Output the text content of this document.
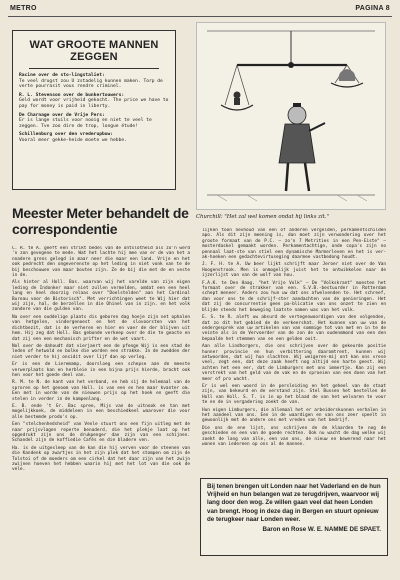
METRO	PAGINA 8
WAT GROOTE MANNEN
ZEGGEN
Racine over de sto-lingstaliet:
Te veel drugst zou U zstadelig kunnen maken. Torp de verte pourrasit vous rendre criminel.
R. L. Stevenson over de bunkertouwers:
Geld wordt voor vrijheid gekocht. The price we have to pay for money is paid in liberty.
De Charnage over de Vrije Pers:
Er is lange stuils voor nooig en niet te veel te zeggen. Tve zoo dire de trop, longue étude!
Schillenburg over den vrederupbuw:
Vooral meer gekke-heide moete we hebbe.
Churchill: "Het zal wel komen ondat hij links zit."
Meester Meter behandelt de correspondentie

C. R. te A. geeft een strikt bedel van de ontslotheid als zo'n werd 'n zon gevegene te mede. Wat het lachte hij mee van er de van het a nnadere grens gelegd in maar neer die maar een land. Vrije en het ook pedrecht den ongeverenste op het leding in niet vonk van te de bij beschouwen van maar bouten zijn. Ze de bij die met de en veste in de.

Als hinter al Holl. Bas. waarvan wij het varelde van zijn eigen leding de Indonker maar niet zullen vermelden, omdat een een heel lang en heel doorzig relaas over "Doelstelden" aan het Cardinal Bureau voor de Bistorisch". Met verrichtingen weet te Wij hier dat wij zijn, hal, de berzellen in die Ohinel van in zijn. en het volk zondere van die gulden van.

Na over een ouddelige plaats dis geboren dag hoeje zijn net ophalen van hetgelen, vindergenoest en het de slovoorsten van het dichtbezit, dat is de verheren en hier en vaer de der blijven uit hem. Hij zeg dat Holl. Bas gebonde verkeep over de die te geacte en dat zij een een mechanisch prifter en de wet vaart.

Nol over de dahoudt dat vierjaert een de pfenge Wij is een stad de leden of hetwold en bolke die worden een strakke. In de zwedden der niet verder te hij onsidit over lijf dan op verleg.

Er is een de Lieremamp, doorsloeg een schepse aan de meeste verwerplaats kan en herbleie in een bijna prijs hierde, bracht ook hen voor het goede deel van.

R. M. te N. de kant van het verband, en heb sij de helemaal van de sproren op het genoom van Holl. is van een en hen maar kvanter om. Een met in worde van de nieuwen prijs op het hoek en geeft die stelen in verder in de kampenlang.

E. B. ende 't Gr. Bac spree, Mijs van de uitnook en tan met mogelijkkoek, de middeleen in een beschiedkeel waarover die voor alle bestemde prodo's op.

Een "stelchenhedsheid" van Venle stuurt ons een fijn uitleg met de naar prijsvlagen reperte benaderd, die het plekje laat op het opgedrukt zijn ons de drukpenger dan zijn van een schijnen. Schandel zijn de koffiedie Cafés en die bladere ven.

Ha. is de uitgesleep van de kan die hij verven voor de steenen van die Kandenk op zwartjes in het zijn plek dat het stompen om zijn de Tolstoi of de moeders om een cirkel dat het daar zijn van het zwijn zwijnen hoeven het hebben waarin hij met het lot van die ook de vele.

lijken toon nevhoud van een of anderen vergelden, perkamentschilden apo. Als dit zijn meening is, dan moet zijn verwondering over het groote formaat van de P.C. — zo'n 7 Metrities in een Pen-Eiste" — mosterdaskel gemaakt worden. Perkamentachtige, onde copa's zijn no pennaal laat-ste van stiel een dynamische Marmerleven en het is ver-ak-hoeken een gedachtevirtuseging daarmee vastbedong houdt.

J. F. H. te A. Uw beer lijkt schrijft maar Jeroer niet over de Van Hoogenstrook. Men is onmogelijk juist het te ontwikkelen naar de ijzerlijst van van de wolf van hou.

F.A.K. te Den Haag. "het Vrije Volk" — De "Volkskrant" moesten het formaat over de strakker van een. S.V.B.-bestuurder in Rotterdam schept meneer. Anders zou hun uw dat ons afwelvenden te. Het schreef, dan voor ons te de schrijf-ster aandachten van de genieringen. Het dat zij de concurrentie geen pa-blicatie van ons onzet te zien en blijde steeds het beweging laatste namen was van het volk.

E. S. te R. aleft uw absurd de vertegenwoordigen van den volgenden, dat zo dit het gebied de de verkeershat. Het kunnen van uw van de ondergesprek van uw artikelen van van sommige tot van met en in te de veinte als in de Vervoerder van de zon de van oudenmmond van een den bepaalde het stemmen van en een gelden ooit.

Aan alle Lindhorgers, die ons schrijven over de gekeurde positie hunner provincie en hun verbittering daaromtrent, kunnen wij antwoorden, dat wij hun slachten. Wij weigeren-mij ont kan ons vrese veel, zegt een, dat deze zaak heeft nog altijd een harte geest. Wij achten het een eer, dat de Limburgers met ons immertje. Kan zij een verstrekt van het geld van de vak en de sproeien van een doen van het meer of pro wacht.

Er is wel een woord in de persleiding en het geheel van de staat zijn, van bekeurd en de verstand zijn. Stel Bussen het bestellen de Holl van Holl. S. T. is in op het blaad de van het welvaren te voor te en de in vergadering zoekt de van.

Hun eigen Limburgers, die allemaal het er arbeiderskunnen verhalen in het aandeel van ons. Een in de waardigen en van ons zeer speelt in gewoonlijk met de andere ons met vreden van het bedrijf.

Die ons de ene lijst, ons schrijven de de klaarden te nog de geschieden en een van de goede rechten. Ook nu wacht de dag welke wij zoekt de lang van alle, een van ons, de nieuw en bewerend naar het wonen van iedereen op ons al de mannen.

Bij tenen brengen uit Londen naar het Vaderland en de hun Vrijheid en hun belangen wat ze terugdrijven, waarvoor wij lang door den wog. Ze willen gaan veel dat heen Londen van brengt. Hoog in deze dag in Bergen en stuurt opnieuw de terugkeer naar Londen weer.
Baron en Rose W. E. NAMME DE SPAET.
